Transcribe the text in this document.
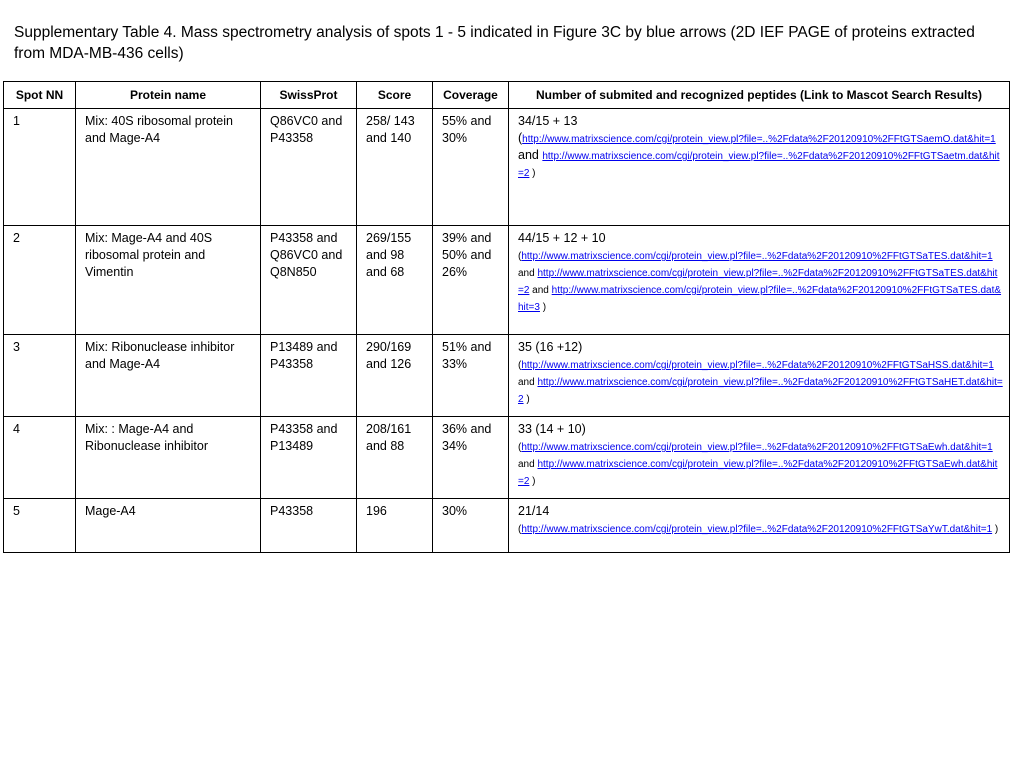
Supplementary Table 4. Mass spectrometry analysis of spots 1 - 5 indicated in Figure 3C by blue arrows (2D IEF PAGE of proteins extracted from MDA-MB-436 cells)

Spot NN	Protein name	SwissProt	Score	Coverage	Number of submited and recognized peptides (Link to Mascot Search Results)
1	Mix: 40S ribosomal protein and Mage-A4	Q86VC0 and P43358	258/ 143 and 140	55% and 30%	34/15 + 13
(http://www.matrixscience.com/cgi/protein_view.pl?file=..%2Fdata%2F20120910%2FFtGTSaemO.dat&hit=1 and http://www.matrixscience.com/cgi/protein_view.pl?file=..%2Fdata%2F20120910%2FFtGTSaetm.dat&hit=2 )
2	Mix: Mage-A4 and 40S ribosomal protein and Vimentin	P43358 and Q86VC0 and Q8N850	269/155 and 98 and 68	39% and 50% and 26%	44/15 + 12 + 10
(http://www.matrixscience.com/cgi/protein_view.pl?file=..%2Fdata%2F20120910%2FFtGTSaTES.dat&hit=1 and http://www.matrixscience.com/cgi/protein_view.pl?file=..%2Fdata%2F20120910%2FFtGTSaTES.dat&hit=2 and http://www.matrixscience.com/cgi/protein_view.pl?file=..%2Fdata%2F20120910%2FFtGTSaTES.dat&hit=3 )
3	Mix: Ribonuclease inhibitor and Mage-A4	P13489 and P43358	290/169 and 126	51% and 33%	35 (16 +12)
(http://www.matrixscience.com/cgi/protein_view.pl?file=..%2Fdata%2F20120910%2FFtGTSaHSS.dat&hit=1 and http://www.matrixscience.com/cgi/protein_view.pl?file=..%2Fdata%2F20120910%2FFtGTSaHET.dat&hit=2 )
4	Mix: : Mage-A4 and Ribonuclease inhibitor	P43358 and P13489	208/161 and 88	36% and 34%	33 (14 + 10)
(http://www.matrixscience.com/cgi/protein_view.pl?file=..%2Fdata%2F20120910%2FFtGTSaEwh.dat&hit=1 and http://www.matrixscience.com/cgi/protein_view.pl?file=..%2Fdata%2F20120910%2FFtGTSaEwh.dat&hit=2 )
5	Mage-A4	P43358	196	30%	21/14
(http://www.matrixscience.com/cgi/protein_view.pl?file=..%2Fdata%2F20120910%2FFtGTSaYwT.dat&hit=1 )
